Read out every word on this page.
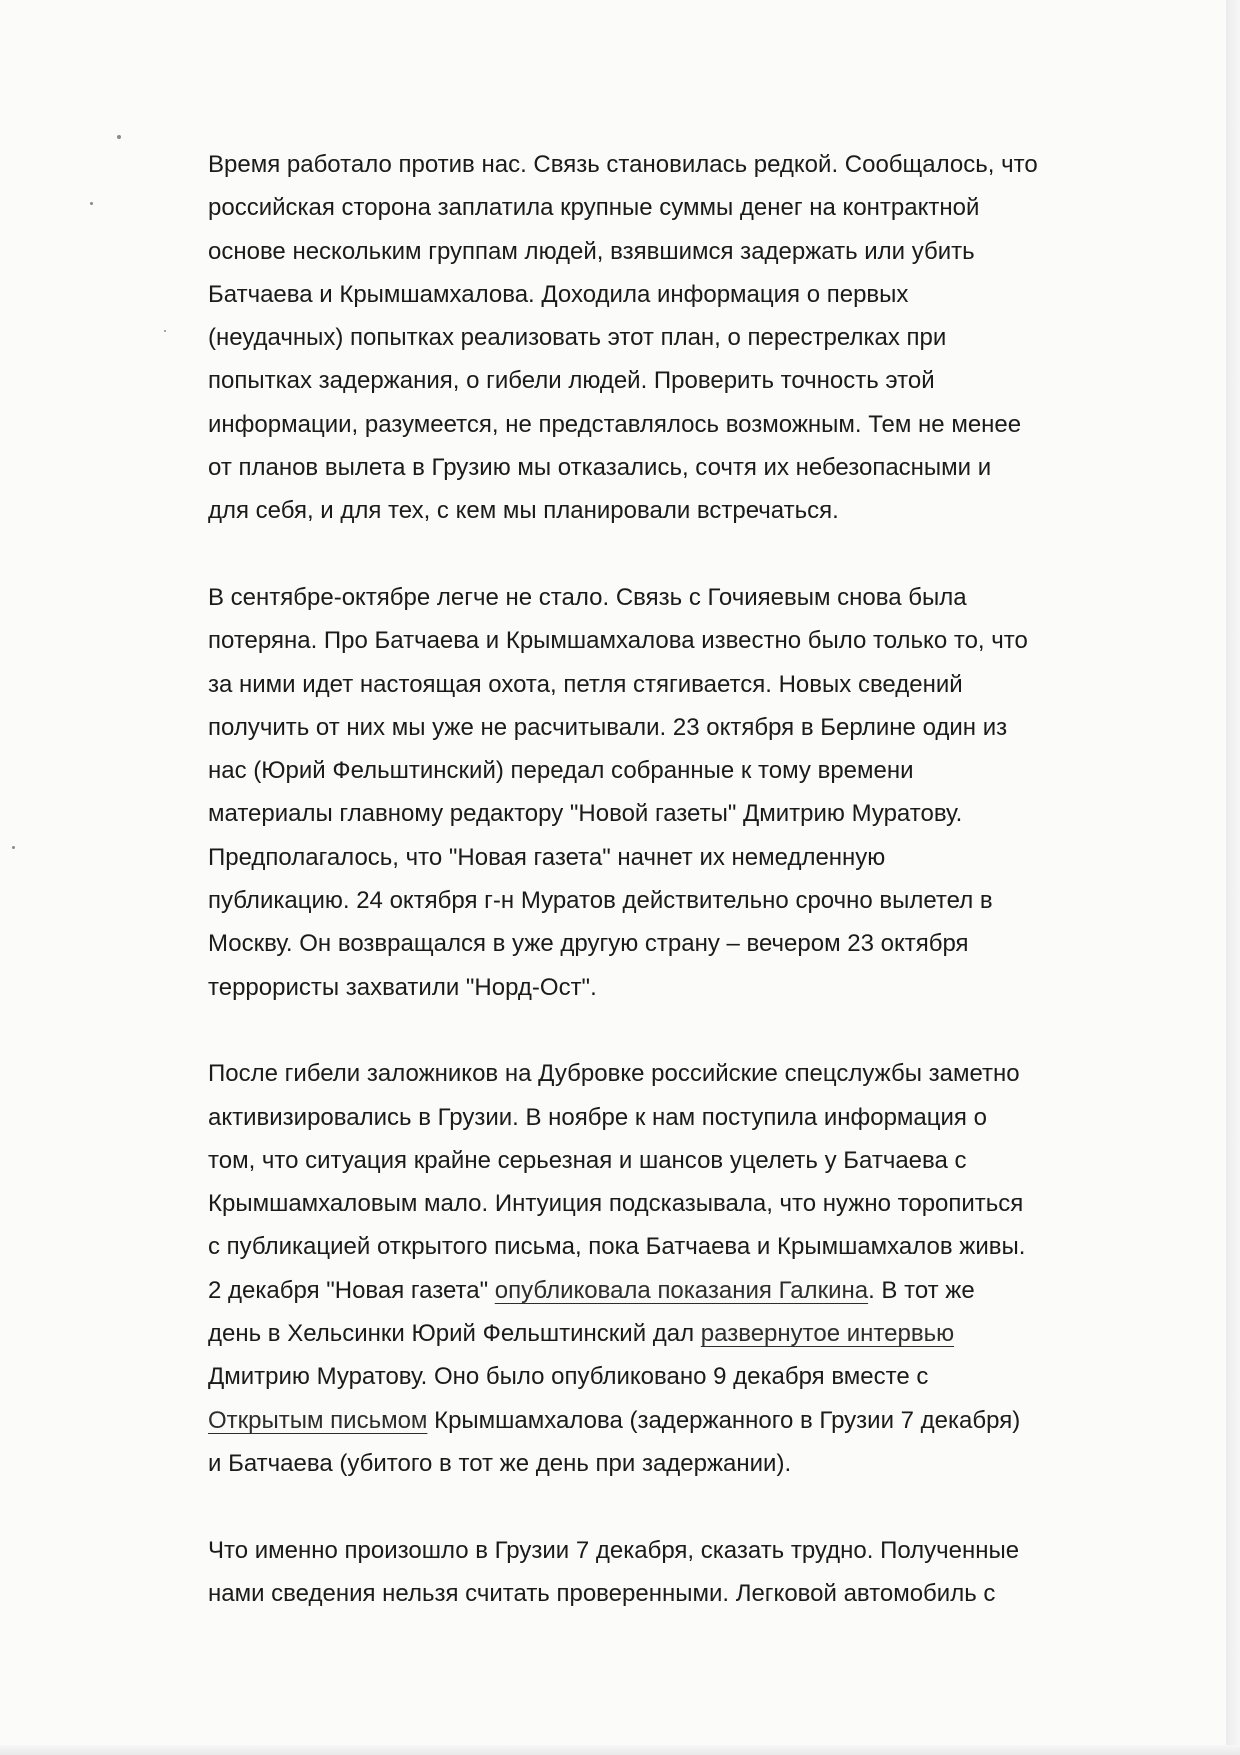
Время работало против нас. Связь становилась редкой. Сообщалось, что
российская сторона заплатила крупные суммы денег на контрактной
основе нескольким группам людей, взявшимся задержать или убить
Батчаева и Крымшамхалова. Доходила информация о первых
(неудачных) попытках реализовать этот план, о перестрелках при
попытках задержания, о гибели людей. Проверить точность этой
информации, разумеется, не представлялось возможным. Тем не менее
от планов вылета в Грузию мы отказались, сочтя их небезопасными и
для себя, и для тех, с кем мы планировали встречаться.
В сентябре-октябре легче не стало. Связь с Гочияевым снова была
потеряна. Про Батчаева и Крымшамхалова известно было только то, что
за ними идет настоящая охота, петля стягивается. Новых сведений
получить от них мы уже не расчитывали. 23 октября в Берлине один из
нас (Юрий Фельштинский) передал собранные к тому времени
материалы главному редактору "Новой газеты" Дмитрию Муратову.
Предполагалось, что "Новая газета" начнет их немедленную
публикацию. 24 октября г-н Муратов действительно срочно вылетел в
Москву. Он возвращался в уже другую страну – вечером 23 октября
террористы захватили "Норд-Ост".
После гибели заложников на Дубровке российские спецслужбы заметно
активизировались в Грузии. В ноябре к нам поступила информация о
том, что ситуация крайне серьезная и шансов уцелеть у Батчаева с
Крымшамхаловым мало. Интуиция подсказывала, что нужно торопиться
с публикацией открытого письма, пока Батчаева и Крымшамхалов живы.
2 декабря "Новая газета" опубликовала показания Галкина. В тот же
день в Хельсинки Юрий Фельштинский дал развернутое интервью
Дмитрию Муратову. Оно было опубликовано 9 декабря вместе с
Открытым письмом Крымшамхалова (задержанного в Грузии 7 декабря)
и Батчаева (убитого в тот же день при задержании).
Что именно произошло в Грузии 7 декабря, сказать трудно. Полученные
нами сведения нельзя считать проверенными. Легковой автомобиль с
